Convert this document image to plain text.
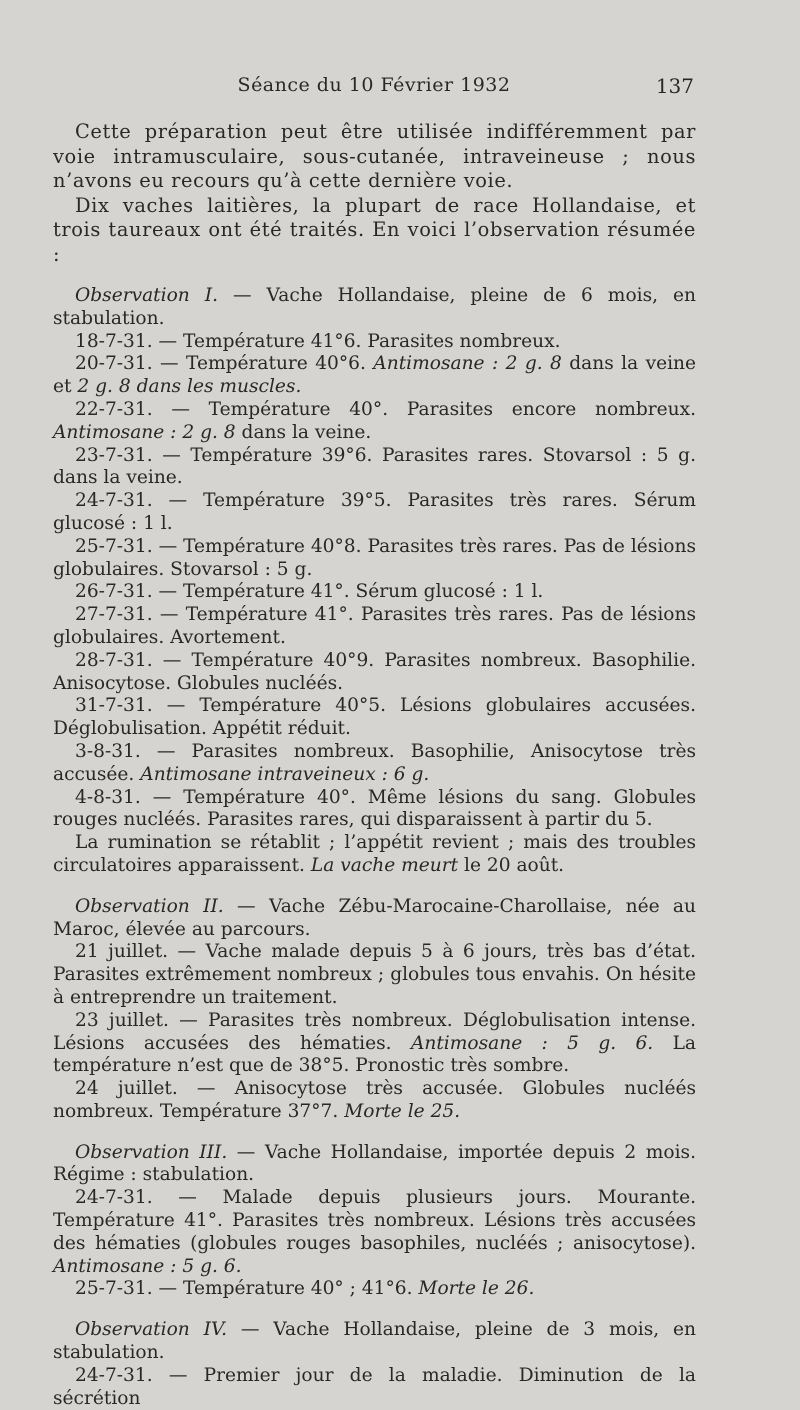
Séance du 10 Février 1932	137

Cette préparation peut être utilisée indifféremment par voie intramusculaire, sous-cutanée, intraveineuse ; nous n’avons eu recours qu’à cette dernière voie.

Dix vaches laitières, la plupart de race Hollandaise, et trois taureaux ont été traités. En voici l’observation résumée :

Observation I. — Vache Hollandaise, pleine de 6 mois, en stabulation.

18-7-31. — Température 41°6. Parasites nombreux.

20-7-31. — Température 40°6. Antimosane : 2 g. 8 dans la veine et 2 g. 8 dans les muscles.

22-7-31. — Température 40°. Parasites encore nombreux. Antimosane : 2 g. 8 dans la veine.

23-7-31. — Température 39°6. Parasites rares. Stovarsol : 5 g. dans la veine.

24-7-31. — Température 39°5. Parasites très rares. Sérum glucosé : 1 l.

25-7-31. — Température 40°8. Parasites très rares. Pas de lésions globulaires. Stovarsol : 5 g.

26-7-31. — Température 41°. Sérum glucosé : 1 l.

27-7-31. — Température 41°. Parasites très rares. Pas de lésions globulaires. Avortement.

28-7-31. — Température 40°9. Parasites nombreux. Basophilie. Anisocytose. Globules nucléés.

31-7-31. — Température 40°5. Lésions globulaires accusées. Déglobulisation. Appétit réduit.

3-8-31. — Parasites nombreux. Basophilie, Anisocytose très accusée. Antimosane intraveineux : 6 g.

4-8-31. — Température 40°. Même lésions du sang. Globules rouges nucléés. Parasites rares, qui disparaissent à partir du 5.

La rumination se rétablit ; l’appétit revient ; mais des troubles circulatoires apparaissent. La vache meurt le 20 août.

Observation II. — Vache Zébu-Marocaine-Charollaise, née au Maroc, élevée au parcours.

21 juillet. — Vache malade depuis 5 à 6 jours, très bas d’état. Parasites extrêmement nombreux ; globules tous envahis. On hésite à entreprendre un traitement.

23 juillet. — Parasites très nombreux. Déglobulisation intense. Lésions accusées des hématies. Antimosane : 5 g. 6. La température n’est que de 38°5. Pronostic très sombre.

24 juillet. — Anisocytose très accusée. Globules nucléés nombreux. Température 37°7. Morte le 25.

Observation III. — Vache Hollandaise, importée depuis 2 mois. Régime : stabulation.

24-7-31. — Malade depuis plusieurs jours. Mourante. Température 41°. Parasites très nombreux. Lésions très accusées des hématies (globules rouges basophiles, nucléés ; anisocytose). Antimosane : 5 g. 6.

25-7-31. — Température 40° ; 41°6. Morte le 26.

Observation IV. — Vache Hollandaise, pleine de 3 mois, en stabulation.

24-7-31. — Premier jour de la maladie. Diminution de la sécrétion
